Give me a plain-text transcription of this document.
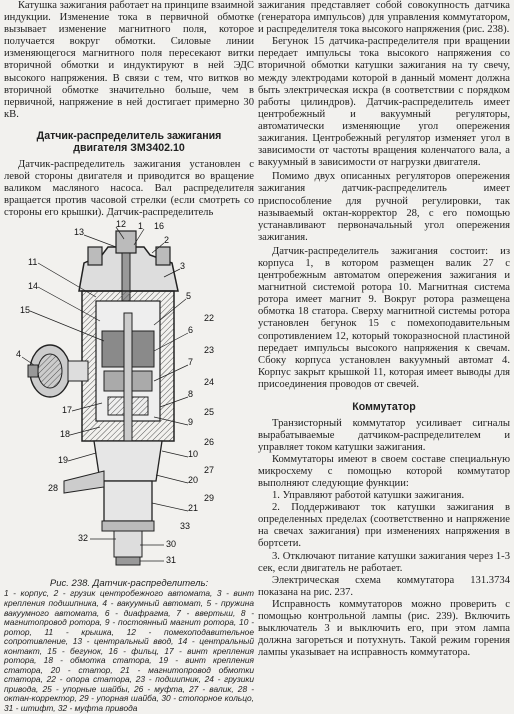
Катушка зажигания работает на принципе взаимной индукции. Изменение тока в первичной обмотке вызывает изменение магнитного поля, которое получается вокруг обмотки. Силовые линии изменяющегося магнитного поля пересекают витки вторичной обмотки и индуктируют в ней ЭДС высокого напряжения. В связи с тем, что витков во вторичной обмотке значительно больше, чем в первичной, напряжение в ней достигает примерно 30 кВ.

Датчик-распределитель зажигания
двигателя ЗМЗ402.10

Датчик-распределитель зажигания установлен с левой стороны двигателя и приводится во вращение валиком масляного насоса. Вал распределителя вращается против часовой стрелки (если смотреть со стороны его крышки). Датчик-распределитель

12 1
2
3
4
5
6
7
8
9
10
11
13
14
15
16
17
18
19
20
21
22
23
24
25
26
27
28
29
30
31
32
33

Рис. 238. Датчик-распределитель:

1 - корпус, 2 - грузик центробежного автомата, 3 - винт крепления подшипника, 4 - вакуумный автомат, 5 - пружина вакуумного автомата, 6 - диафрагма, 7 - ввертыш, 8 - магнитопровод ротора, 9 - постоянный магнит ротора, 10 - ротор, 11 - крышка, 12 - помехоподавительное сопротивление, 13 - центральный ввод, 14 - центральный контакт, 15 - бегунок, 16 - фильц, 17 - винт крепления ротора, 18 - обмотка статора, 19 - винт крепления статора, 20 - статор, 21 - магнитопровод обмотки статора, 22 - опора статора, 23 - подшипник, 24 - грузики привода, 25 - упорные шайбы, 26 - муфта, 27 - валик, 28 - октан-корректор, 29 - упорная шайба, 30 - стопорное кольцо, 31 - штифт, 32 - муфта привода

зажигания представляет собой совокупность датчика (генератора импульсов) для управления коммутатором, и распределителя тока высокого напряжения (рис. 238).

Бегунок 15 датчика-распределителя при вращении передает импульсы тока высокого напряжения со вторичной обмотки катушки зажигания на ту свечу, между электродами которой в данный момент должна быть электрическая искра (в соответствии с порядком работы цилиндров). Датчик-распределитель имеет центробежный и вакуумный регуляторы, автоматически изменяющие угол опережения зажигания. Центробежный регулятор изменяет угол в зависимости от частоты вращения коленчатого вала, а вакуумный в зависимости от нагрузки двигателя.

Помимо двух описанных регуляторов опережения зажигания датчик-распределитель имеет приспособление для ручной регулировки, так называемый октан-корректор 28, с его помощью устанавливают первоначальный угол опережения зажигания.

Датчик-распределитель зажигания состоит: из корпуса 1, в котором размещен валик 27 с центробежным автоматом опережения зажигания и магнитной системой ротора 10. Магнитная система ротора имеет магнит 9. Вокруг ротора размещена обмотка 18 статора. Сверху магнитной системы ротора установлен бегунок 15 с помехоподавительным сопротивлением 12, который токоразносной пластиной передает импульсы высокого напряжения к свечам. Сбоку корпуса установлен вакуумный автомат 4. Корпус закрыт крышкой 11, которая имеет выводы для присоединения проводов от свечей.

Коммутатор

Транзисторный коммутатор усиливает сигналы вырабатываемые датчиком-распределителем и управляет током катушки зажигания.

Коммутаторы имеют в своем составе специальную микросхему с помощью которой коммутатор выполняют следующие функции:

1. Управляют работой катушки зажигания.

2. Поддерживают ток катушки зажигания в определенных пределах (соответственно и напряжение на свечах зажигания) при изменениях напряжения в бортсети.

3. Отключают питание катушки зажигания через 1-3 сек, если двигатель не работает.

Электрическая схема коммутатора 131.3734 показана на рис. 237.

Исправность коммутаторов можно проверить с помощью контрольной лампы (рис. 239). Включить выключатель 3 и выключить его, при этом лампа должна загореться и потухнуть. Такой режим горения лампы указывает на исправность коммутатора.
